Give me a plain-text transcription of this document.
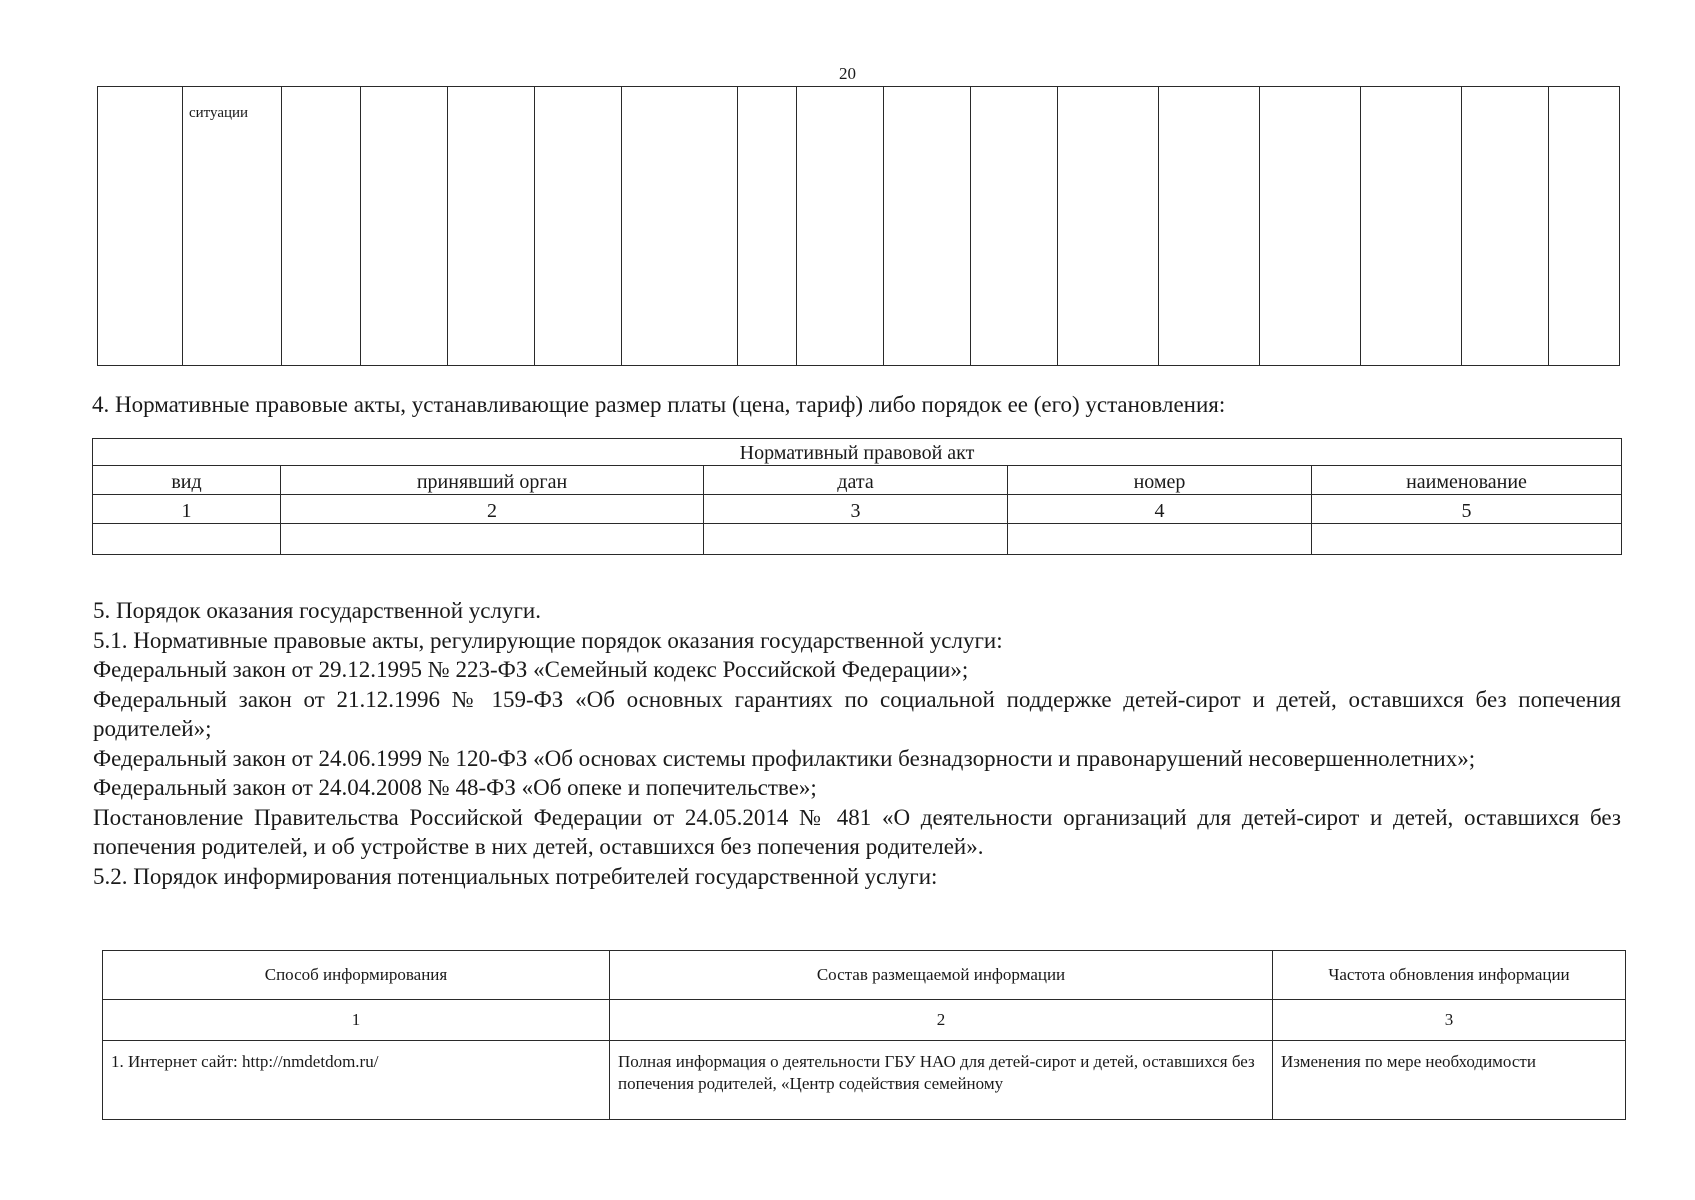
20

ситуации

4. Нормативные правовые акты, устанавливающие размер платы (цена, тариф) либо порядок ее (его) установления:
Нормативный правовой акт				
вид	принявший орган	дата	номер	наименование
1	2	3	4	5

5. Порядок оказания государственной услуги.

5.1. Нормативные правовые акты, регулирующие порядок оказания государственной услуги:

Федеральный закон от 29.12.1995 № 223-ФЗ «Семейный кодекс Российской Федерации»;

Федеральный закон от 21.12.1996 № 159-ФЗ «Об основных гарантиях по социальной поддержке детей-сирот и детей, оставшихся без попечения родителей»;

Федеральный закон от 24.06.1999 № 120-ФЗ «Об основах системы профилактики безнадзорности и правонарушений несовершеннолетних»;

Федеральный закон от 24.04.2008 № 48-ФЗ «Об опеке и попечительстве»;

Постановление Правительства Российской Федерации от 24.05.2014 № 481 «О деятельности организаций для детей-сирот и детей, оставшихся без попечения родителей, и об устройстве в них детей, оставшихся без попечения родителей».

5.2. Порядок информирования потенциальных потребителей государственной услуги:

Способ информирования	Состав размещаемой информации	Частота обновления информации
1	2	3
1. Интернет сайт: http://nmdetdom.ru/	Полная информация о деятельности ГБУ НАО для детей-сирот и детей, оставшихся без попечения родителей, «Центр содействия семейному	Изменения по мере необходимости
